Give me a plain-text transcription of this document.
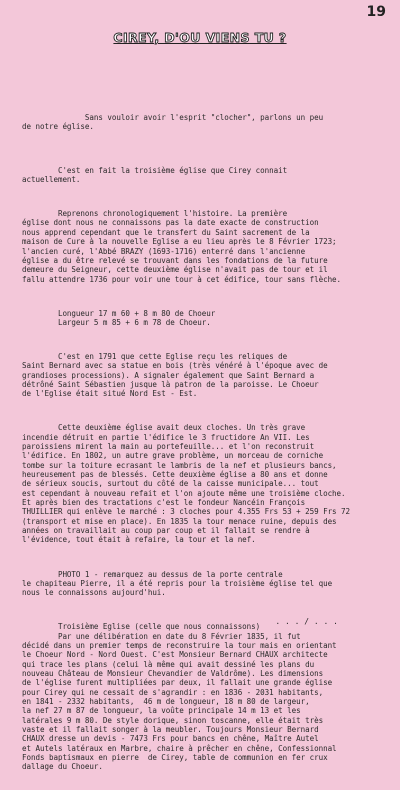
19
CIREY, D'OU VIENS TU ?

Sans vouloir avoir l'esprit "clocher", parlons un peu
de notre église.

C'est en fait la troisième église que Cirey connait
actuellement.

Reprenons chronologiquement l'histoire. La première
église dont nous ne connaissons pas la date exacte de construction
nous apprend cependant que le transfert du Saint sacrement de la
maison de Cure à la nouvelle Eglise a eu lieu après le 8 Février 1723;
l'ancien curé, l'Abbé BRAZY (1693-1716) enterré dans l'ancienne
église a du être relevé se trouvant dans les fondations de la future
demeure du Seigneur, cette deuxième église n'avait pas de tour et il
fallu attendre 1736 pour voir une tour à cet édifice, tour sans flèche.

Longueur 17 m 60 + 8 m 80 de Choeur
Largeur 5 m 85 + 6 m 78 de Choeur.

C'est en 1791 que cette Eglise reçu les reliques de
Saint Bernard avec sa statue en bois (très vénéré à l'époque avec de
grandioses processions). A signaler également que Saint Bernard a
détrôné Saint Sébastien jusque là patron de la paroisse. Le Choeur
de l'Eglise était situé Nord Est - Est.

Cette deuxième église avait deux cloches. Un très grave
incendie détruit en partie l'édifice le 3 fructidore An VII. Les
paroissiens mirent la main au portefeuille... et l'on reconstruit
l'édifice. En 1802, un autre grave problème, un morceau de corniche
tombe sur la toiture ecrasant le lambris de la nef et plusieurs bancs,
heureusement pas de blessés. Cette deuxième église a 80 ans et donne
de sérieux soucis, surtout du côté de la caisse municipale... tout
est cependant à nouveau refait et l'on ajoute même une troisième cloche.
Et après bien des tractations c'est le fondeur Nancéin François
THUILLIER qui enlève le marché : 3 cloches pour 4.355 Frs 53 + 259 Frs 72
(transport et mise en place). En 1835 la tour menace ruine, depuis des
années on travaillait au coup par coup et il fallait se rendre à
l'évidence, tout était à refaire, la tour et la nef.

PHOTO 1 - remarquez au dessus de la porte centrale
le chapiteau Pierre, il a été repris pour la troisième église tel que
nous le connaissons aujourd'hui.

Troisième Eglise (celle que nous connaissons)
Par une délibération en date du 8 Février 1835, il fut
décidé dans un premier temps de reconstruire la tour mais en orientant
le Choeur Nord - Nord Ouest. C'est Monsieur Bernard CHAUX architecte
qui trace les plans (celui là même qui avait dessiné les plans du
nouveau Château de Monsieur Chevandier de Valdrôme). Les dimensions
de l'église furent multipliées par deux, il fallait une grande église
pour Cirey qui ne cessait de s'agrandir : en 1836 - 2031 habitants,
en 1841 - 2332 habitants,  46 m de longueur, 18 m 80 de largeur,
la nef 27 m 87 de longueur, la voûte principale 14 m 13 et les
latérales 9 m 80. De style dorique, sinon toscanne, elle était très
vaste et il fallait songer à la meubler. Toujours Monsieur Bernard
CHAUX dresse un devis - 7473 Frs pour bancs en chêne, Maître Autel
et Autels latéraux en Marbre, chaire à prêcher en chêne, Confessionnal
Fonds baptismaux en pierre  de Cirey, table de communion en fer crux
dallage du Choeur.

. . . / . . .
